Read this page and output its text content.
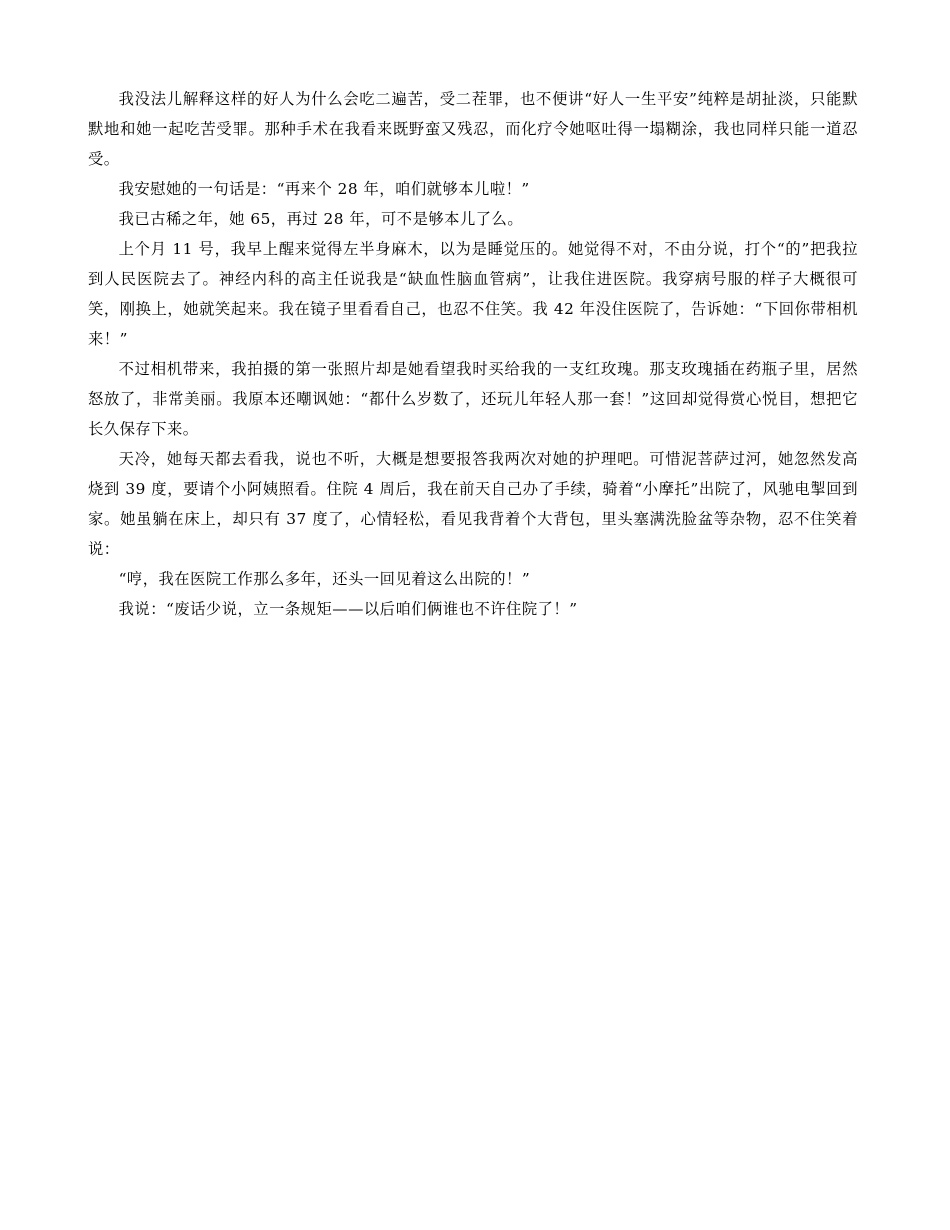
我没法儿解释这样的好人为什么会吃二遍苦，受二茬罪，也不便讲“好人一生平安”纯粹是胡扯淡，只能默默地和她一起吃苦受罪。那种手术在我看来既野蛮又残忍，而化疗令她呕吐得一塌糊涂，我也同样只能一道忍受。

我安慰她的一句话是：“再来个 28 年，咱们就够本儿啦！”

我已古稀之年，她 65，再过 28 年，可不是够本儿了么。

上个月 11 号，我早上醒来觉得左半身麻木，以为是睡觉压的。她觉得不对，不由分说，打个“的”把我拉到人民医院去了。神经内科的高主任说我是“缺血性脑血管病”，让我住进医院。我穿病号服的样子大概很可笑，刚换上，她就笑起来。我在镜子里看看自己，也忍不住笑。我 42 年没住医院了，告诉她：“下回你带相机来！”

不过相机带来，我拍摄的第一张照片却是她看望我时买给我的一支红玫瑰。那支玫瑰插在药瓶子里，居然怒放了，非常美丽。我原本还嘲讽她：“都什么岁数了，还玩儿年轻人那一套！”这回却觉得赏心悦目，想把它长久保存下来。

天冷，她每天都去看我，说也不听，大概是想要报答我两次对她的护理吧。可惜泥菩萨过河，她忽然发高烧到 39 度，要请个小阿姨照看。住院 4 周后，我在前天自己办了手续，骑着“小摩托”出院了，风驰电掣回到家。她虽躺在床上，却只有 37 度了，心情轻松，看见我背着个大背包，里头塞满洗脸盆等杂物，忍不住笑着说：

“哼，我在医院工作那么多年，还头一回见着这么出院的！”

我说：“废话少说，立一条规矩——以后咱们俩谁也不许住院了！”
